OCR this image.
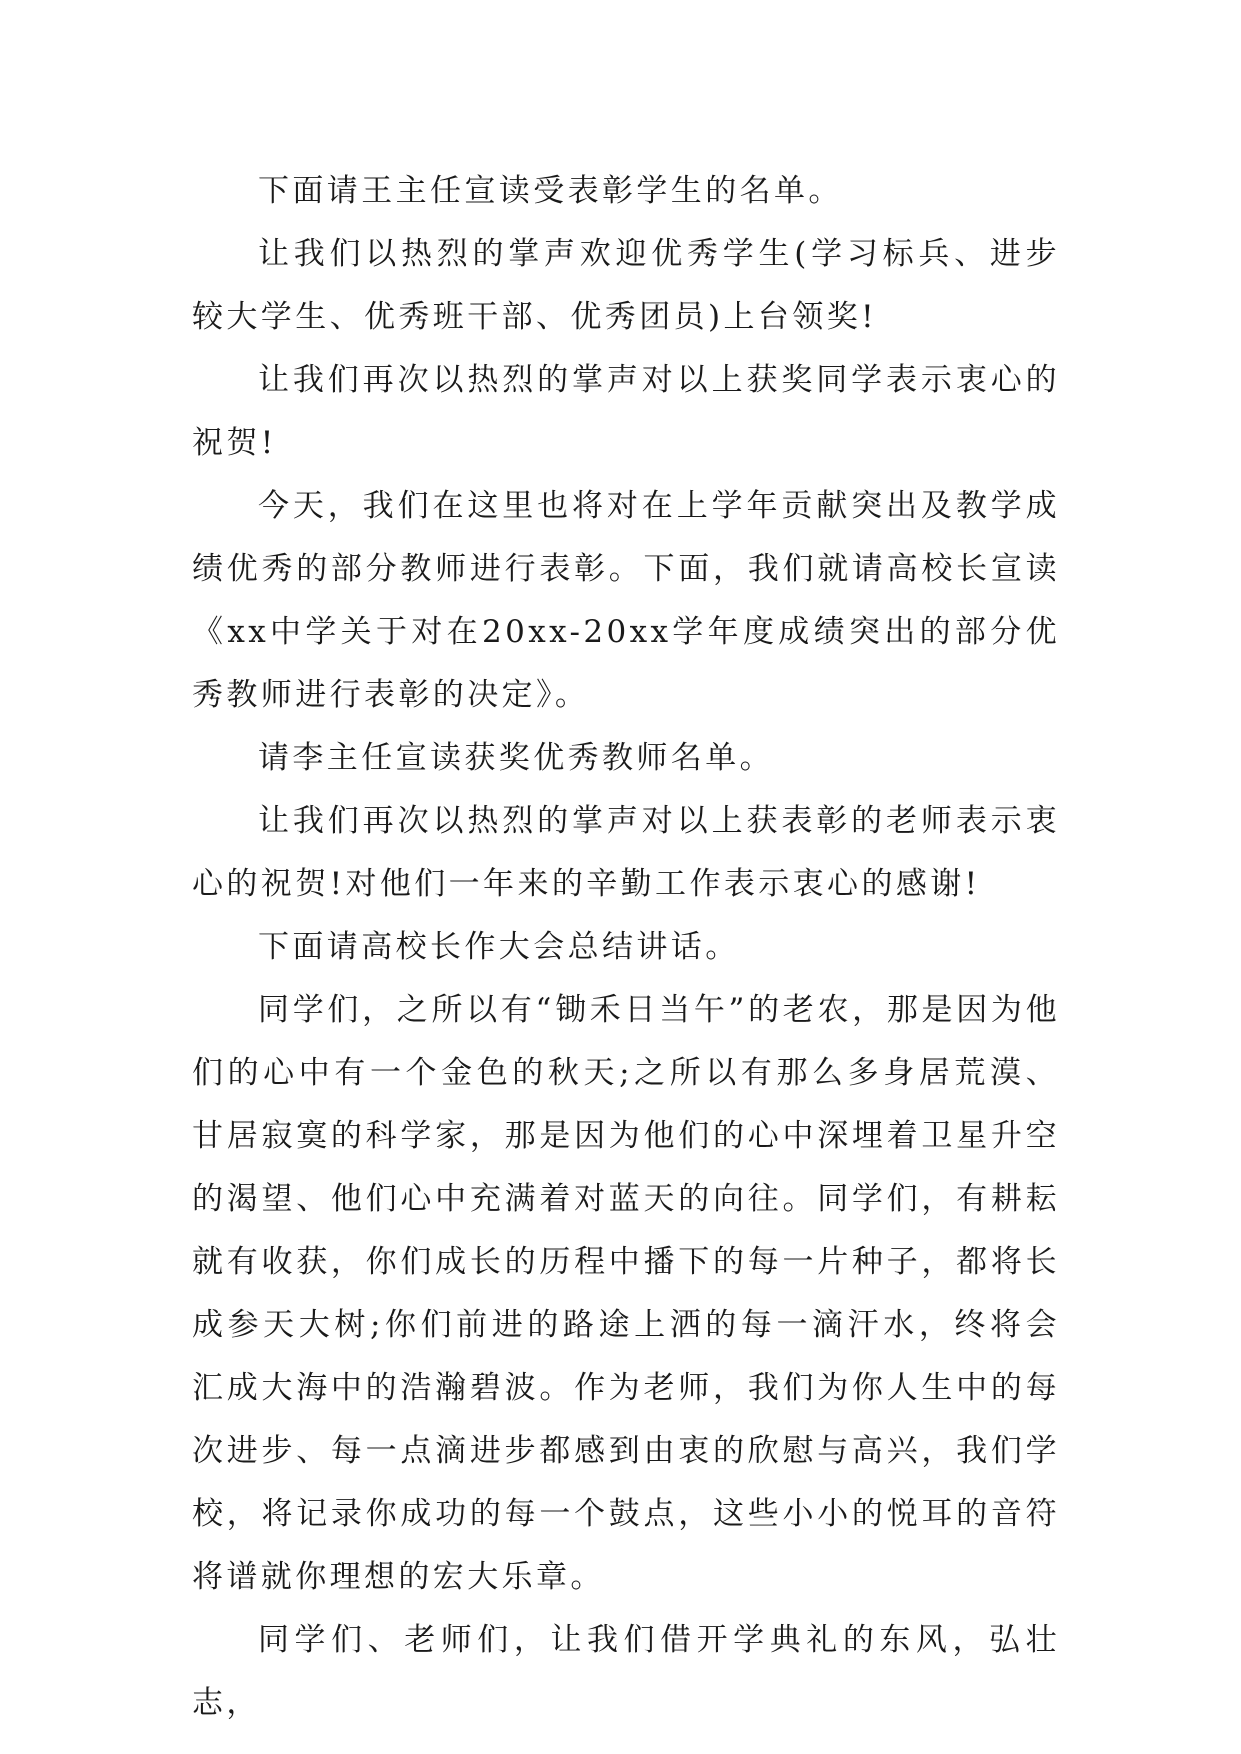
下面请王主任宣读受表彰学生的名单。

让我们以热烈的掌声欢迎优秀学生(学习标兵、进步较大学生、优秀班干部、优秀团员)上台领奖!

让我们再次以热烈的掌声对以上获奖同学表示衷心的祝贺!

今天，我们在这里也将对在上学年贡献突出及教学成绩优秀的部分教师进行表彰。下面，我们就请高校长宣读《xx中学关于对在20xx-20xx学年度成绩突出的部分优秀教师进行表彰的决定》。

请李主任宣读获奖优秀教师名单。

让我们再次以热烈的掌声对以上获表彰的老师表示衷心的祝贺!对他们一年来的辛勤工作表示衷心的感谢!

下面请高校长作大会总结讲话。

同学们，之所以有“锄禾日当午”的老农，那是因为他们的心中有一个金色的秋天;之所以有那么多身居荒漠、甘居寂寞的科学家，那是因为他们的心中深埋着卫星升空的渴望、他们心中充满着对蓝天的向往。同学们，有耕耘就有收获，你们成长的历程中播下的每一片种子，都将长成参天大树;你们前进的路途上洒的每一滴汗水，终将会汇成大海中的浩瀚碧波。作为老师，我们为你人生中的每次进步、每一点滴进步都感到由衷的欣慰与高兴，我们学校，将记录你成功的每一个鼓点，这些小小的悦耳的音符将谱就你理想的宏大乐章。

同学们、老师们，让我们借开学典礼的东风，弘壮志，
